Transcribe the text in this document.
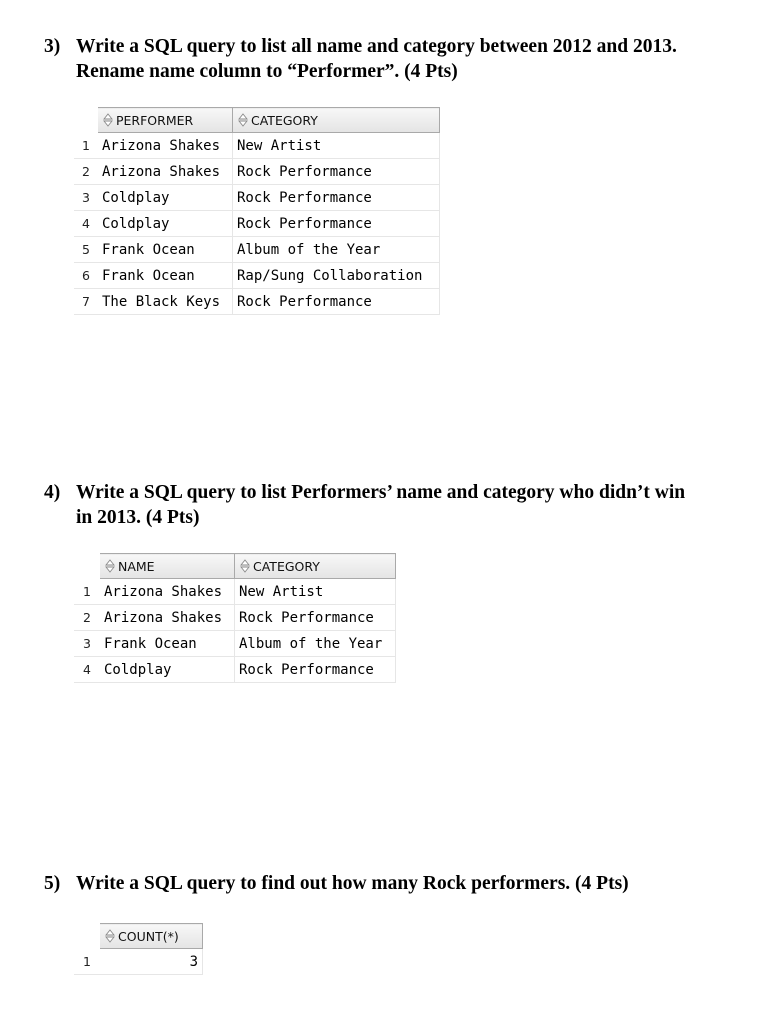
3) Write a SQL query to list all name and category between 2012 and 2013.
Rename name column to “Performer”. (4 Pts)
	PERFORMER	CATEGORY
1	Arizona Shakes	New Artist
2	Arizona Shakes	Rock Performance
3	Coldplay	Rock Performance
4	Coldplay	Rock Performance
5	Frank Ocean	Album of the Year
6	Frank Ocean	Rap/Sung Collaboration
7	The Black Keys	Rock Performance
4) Write a SQL query to list Performers’ name and category who didn’t win
in 2013. (4 Pts)
	NAME	CATEGORY
1	Arizona Shakes	New Artist
2	Arizona Shakes	Rock Performance
3	Frank Ocean	Album of the Year
4	Coldplay	Rock Performance
5) Write a SQL query to find out how many Rock performers. (4 Pts)
	COUNT(*)
1	3
